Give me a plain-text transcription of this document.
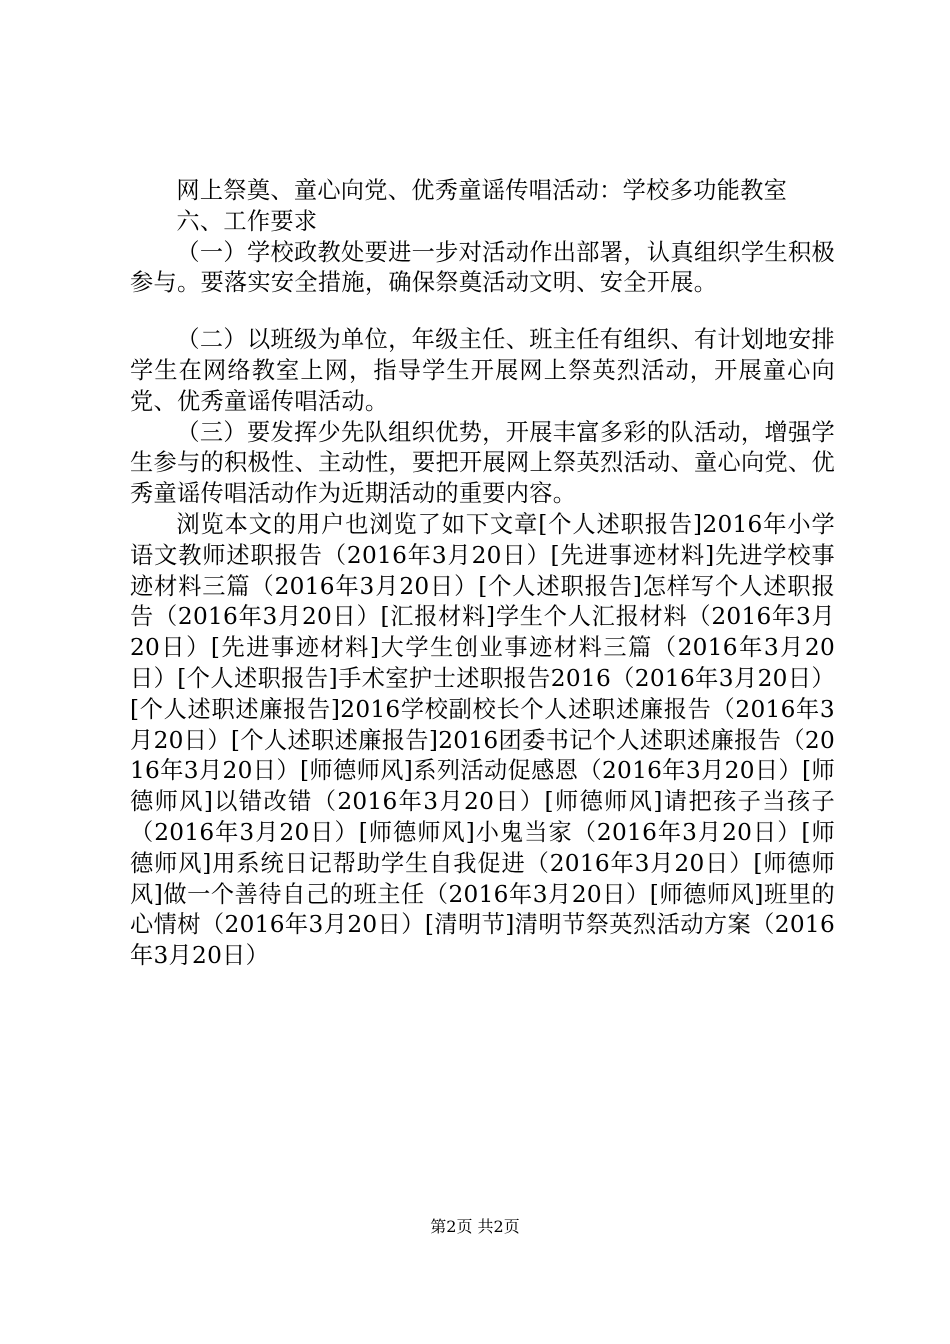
网上祭奠、童心向党、优秀童谣传唱活动：学校多功能教室

六、工作要求

（一）学校政教处要进一步对活动作出部署，认真组织学生积极参与。要落实安全措施，确保祭奠活动文明、安全开展。

（二）以班级为单位，年级主任、班主任有组织、有计划地安排学生在网络教室上网，指导学生开展网上祭英烈活动，开展童心向党、优秀童谣传唱活动。

（三）要发挥少先队组织优势，开展丰富多彩的队活动，增强学生参与的积极性、主动性，要把开展网上祭英烈活动、童心向党、优秀童谣传唱活动作为近期活动的重要内容。

浏览本文的用户也浏览了如下文章[个人述职报告]2016年小学语文教师述职报告（2016年3月20日）[先进事迹材料]先进学校事迹材料三篇（2016年3月20日）[个人述职报告]怎样写个人述职报告（2016年3月20日）[汇报材料]学生个人汇报材料（2016年3月20日）[先进事迹材料]大学生创业事迹材料三篇（2016年3月20日）[个人述职报告]手术室护士述职报告2016（2016年3月20日）[个人述职述廉报告]2016学校副校长个人述职述廉报告（2016年3月20日）[个人述职述廉报告]2016团委书记个人述职述廉报告（2016年3月20日）[师德师风]系列活动促感恩（2016年3月20日）[师德师风]以错改错（2016年3月20日）[师德师风]请把孩子当孩子（2016年3月20日）[师德师风]小鬼当家（2016年3月20日）[师德师风]用系统日记帮助学生自我促进（2016年3月20日）[师德师风]做一个善待自己的班主任（2016年3月20日）[师德师风]班里的心情树（2016年3月20日）[清明节]清明节祭英烈活动方案（2016年3月20日）

第2页 共2页
